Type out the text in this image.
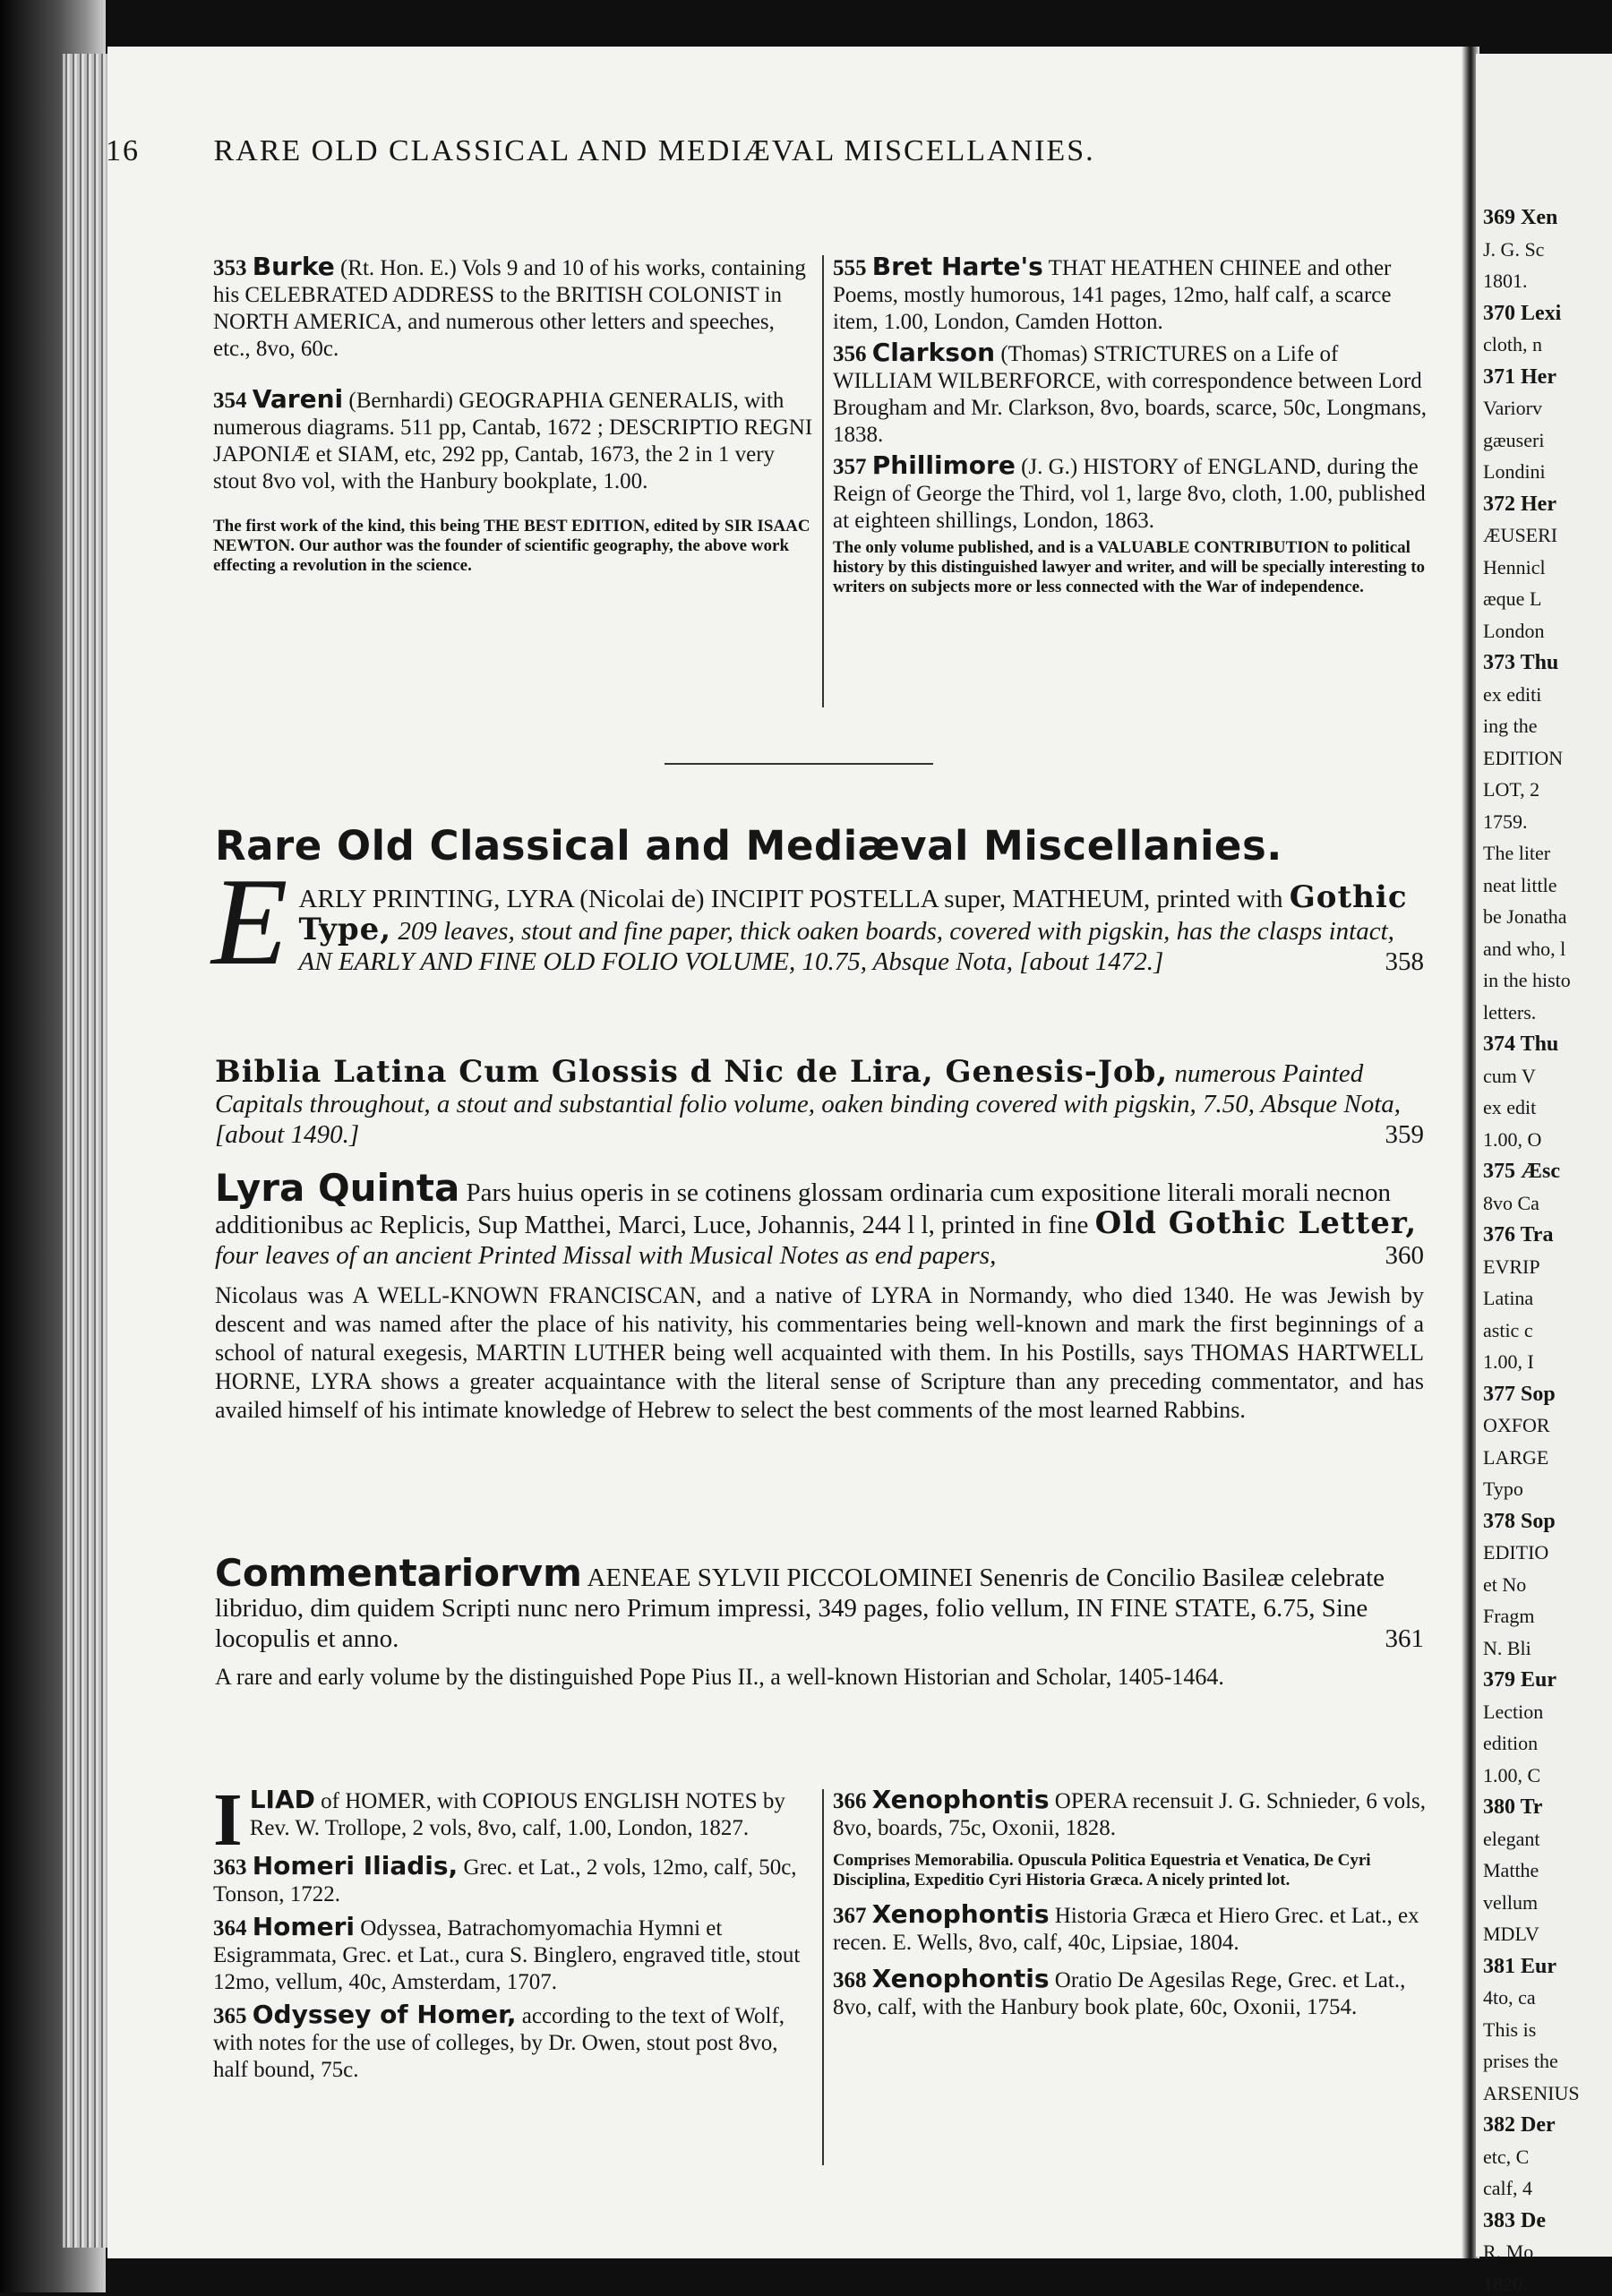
369 Xen
J. G. Sc
1801.
370 Lexi
cloth, n
371 Her
Variorv
gæuseri
Londini
372 Her
ÆUSERI
Hennicl
æque L
London
373 Thu
ex editi
ing the
EDITION
LOT, 2
1759.
The liter
neat little
be Jonatha
and who, l
in the histo
letters.
374 Thu
cum V
ex edit
1.00, O
375 Æsc
8vo Ca
376 Tra
EVRIP
Latina
astic c
1.00, I
377 Sop
OXFOR
LARGE
Typo
378 Sop
EDITIO
et No
Fragm
N. Bli
379 Eur
Lection
edition
1.00, C
380 Tr
elegant
Matthe
vellum
MDLV
381 Eur
4to, ca
This is
prises the
ARSENIUS
382 Der
etc, C
calf, 4
383 De
R. Mo
1820.
16 RARE OLD CLASSICAL AND MEDIÆVAL MISCELLANIES.

353 Burke (Rt. Hon. E.) Vols 9 and 10 of his works, containing his CELEBRATED ADDRESS to the BRITISH COLONIST in NORTH AMERICA, and numerous other letters and speeches, etc., 8vo, 60c.

354 Vareni (Bernhardi) GEOGRAPHIA GENERALIS, with numerous diagrams. 511 pp, Cantab, 1672 ; DESCRIPTIO REGNI JAPONIÆ et SIAM, etc, 292 pp, Cantab, 1673, the 2 in 1 very stout 8vo vol, with the Hanbury bookplate, 1.00.

The first work of the kind, this being THE BEST EDITION, edited by SIR ISAAC NEWTON. Our author was the founder of scientific geography, the above work effecting a revolution in the science.

555 Bret Harte's THAT HEATHEN CHINEE and other Poems, mostly humorous, 141 pages, 12mo, half calf, a scarce item, 1.00, London, Camden Hotton.

356 Clarkson (Thomas) STRICTURES on a Life of WILLIAM WILBERFORCE, with correspondence between Lord Brougham and Mr. Clarkson, 8vo, boards, scarce, 50c, Longmans, 1838.

357 Phillimore (J. G.) HISTORY of ENGLAND, during the Reign of George the Third, vol 1, large 8vo, cloth, 1.00, published at eighteen shillings, London, 1863.

The only volume published, and is a VALUABLE CONTRIBUTION to political history by this distinguished lawyer and writer, and will be specially interesting to writers on subjects more or less connected with the War of independence.

Rare Old Classical and Mediæval Miscellanies.

E ARLY PRINTING, LYRA (Nicolai de) INCIPIT POSTELLA super, MATHEUM, printed with Gothic Type, 209 leaves, stout and fine paper, thick oaken boards, covered with pigskin, has the clasps intact, AN EARLY AND FINE OLD FOLIO VOLUME, 10.75, Absque Nota, [about 1472.]	358

Biblia Latina Cum Glossis d Nic de Lira, Genesis-Job, numerous Painted Capitals throughout, a stout and substantial folio volume, oaken binding covered with pigskin, 7.50, Absque Nota, [about 1490.]	359

Lyra Quinta Pars huius operis in se cotinens glossam ordinaria cum expositione literali morali necnon additionibus ac Replicis, Sup Matthei, Marci, Luce, Johannis, 244 l l, printed in fine Old Gothic Letter, four leaves of an ancient Printed Missal with Musical Notes as end papers,	360

Nicolaus was A WELL-KNOWN FRANCISCAN, and a native of LYRA in Normandy, who died 1340. He was Jewish by descent and was named after the place of his nativity, his commentaries being well-known and mark the first beginnings of a school of natural exegesis, MARTIN LUTHER being well acquainted with them. In his Postills, says THOMAS HARTWELL HORNE, LYRA shows a greater acquaintance with the literal sense of Scripture than any preceding commentator, and has availed himself of his intimate knowledge of Hebrew to select the best comments of the most learned Rabbins.

Commentariorvm AENEAE SYLVII PICCOLOMINEI Senenris de Concilio Basileæ celebrate libriduo, dim quidem Scripti nunc nero Primum impressi, 349 pages, folio vellum, IN FINE STATE, 6.75, Sine locopulis et anno.	361

A rare and early volume by the distinguished Pope Pius II., a well-known Historian and Scholar, 1405-1464.

I LIAD of HOMER, with COPIOUS ENGLISH NOTES by Rev. W. Trollope, 2 vols, 8vo, calf, 1.00, London, 1827.

363 Homeri Iliadis, Grec. et Lat., 2 vols, 12mo, calf, 50c, Tonson, 1722.

364 Homeri Odyssea, Batrachomyomachia Hymni et Esigrammata, Grec. et Lat., cura S. Binglero, engraved title, stout 12mo, vellum, 40c, Amsterdam, 1707.

365 Odyssey of Homer, according to the text of Wolf, with notes for the use of colleges, by Dr. Owen, stout post 8vo, half bound, 75c.

366 Xenophontis OPERA recensuit J. G. Schnieder, 6 vols, 8vo, boards, 75c, Oxonii, 1828.

Comprises Memorabilia. Opuscula Politica Equestria et Venatica, De Cyri Disciplina, Expeditio Cyri Historia Græca. A nicely printed lot.

367 Xenophontis Historia Græca et Hiero Grec. et Lat., ex recen. E. Wells, 8vo, calf, 40c, Lipsiae, 1804.

368 Xenophontis Oratio De Agesilas Rege, Grec. et Lat., 8vo, calf, with the Hanbury book plate, 60c, Oxonii, 1754.
